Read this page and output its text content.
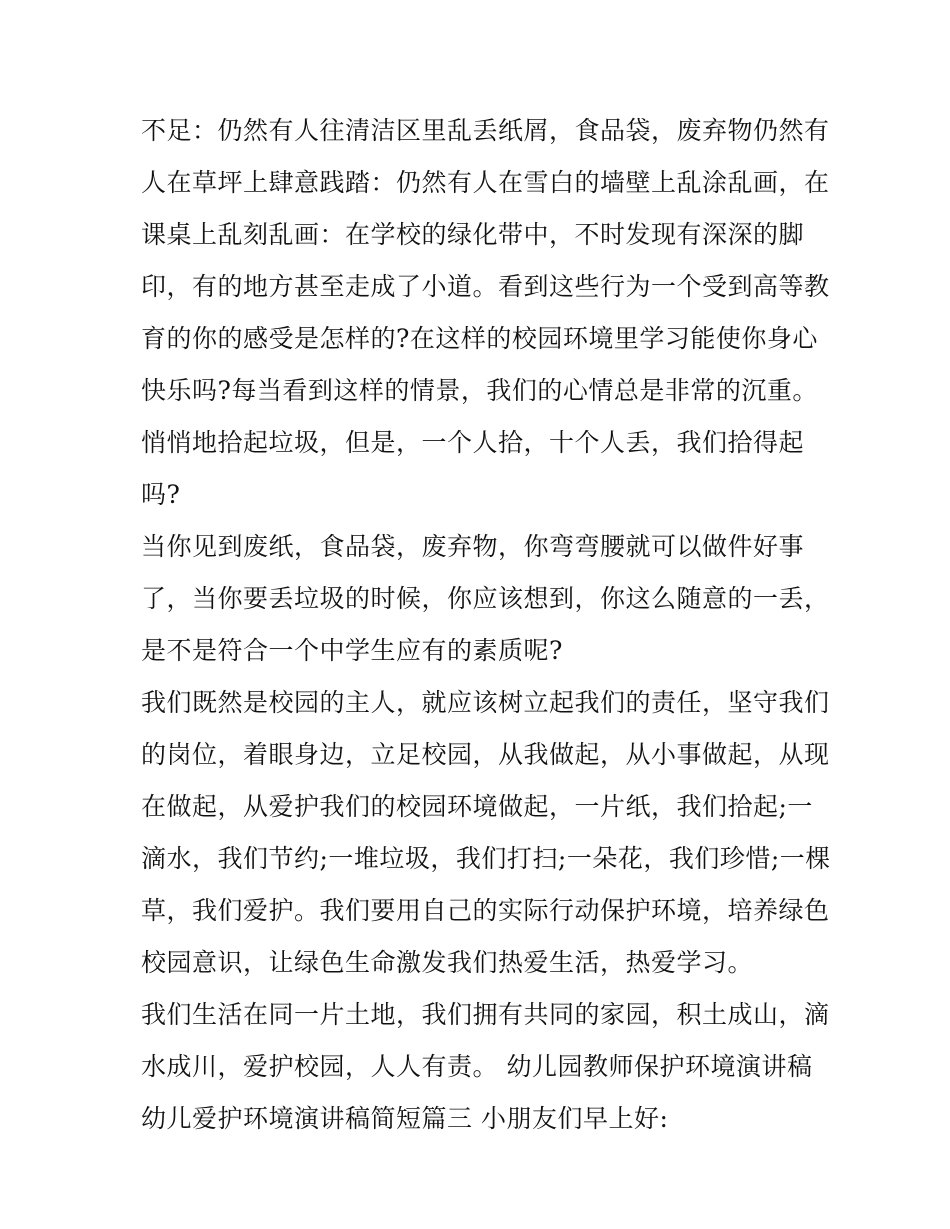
不足：仍然有人往清洁区里乱丢纸屑，食品袋，废弃物仍然有
人在草坪上肆意践踏：仍然有人在雪白的墙壁上乱涂乱画，在
课桌上乱刻乱画：在学校的绿化带中，不时发现有深深的脚
印，有的地方甚至走成了小道。看到这些行为一个受到高等教
育的你的感受是怎样的?在这样的校园环境里学习能使你身心
快乐吗?每当看到这样的情景，我们的心情总是非常的沉重。
悄悄地拾起垃圾，但是，一个人拾，十个人丢，我们拾得起
吗?
当你见到废纸，食品袋，废弃物，你弯弯腰就可以做件好事
了，当你要丢垃圾的时候，你应该想到，你这么随意的一丢，
是不是符合一个中学生应有的素质呢?
我们既然是校园的主人，就应该树立起我们的责任，坚守我们
的岗位，着眼身边，立足校园，从我做起，从小事做起，从现
在做起，从爱护我们的校园环境做起，一片纸，我们拾起;一
滴水，我们节约;一堆垃圾，我们打扫;一朵花，我们珍惜;一棵
草，我们爱护。我们要用自己的实际行动保护环境，培养绿色
校园意识，让绿色生命激发我们热爱生活，热爱学习。
我们生活在同一片土地，我们拥有共同的家园，积土成山，滴
水成川，爱护校园，人人有责。 幼儿园教师保护环境演讲稿
幼儿爱护环境演讲稿简短篇三 小朋友们早上好:
